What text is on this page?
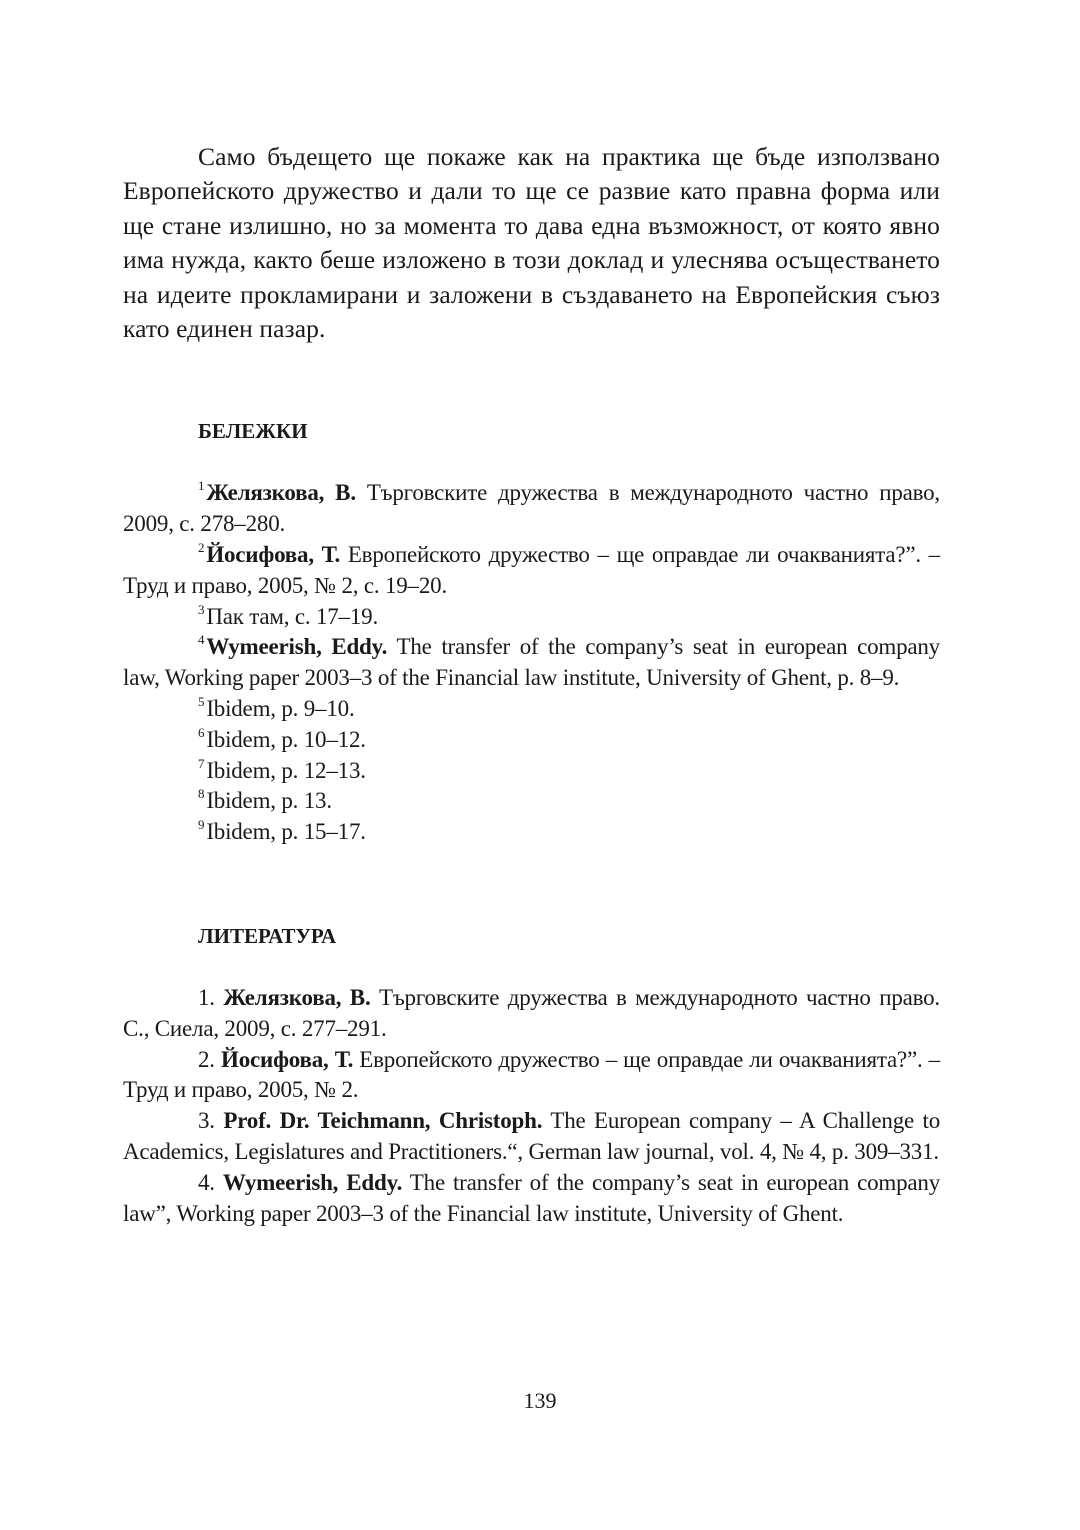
Само бъдещето ще покаже как на практика ще бъде използвано Европейското дружество и дали то ще се развие като правна форма или ще стане излишно, но за момента то дава една възможност, от която явно има нужда, както беше изложено в този доклад и улеснява осъществането на идеите прокламирани и заложени в създаването на Европейския съюз като единен пазар.

БЕЛЕЖКИ
$^1$Желязкова, В. Търговските дружества в международното частно право, 2009, с. 278–280.
$^2$Йосифова, Т. Европейското дружество – ще оправдае ли очакванията?”. – Труд и право, 2005, № 2, с. 19–20.
$^3$Пак там, с. 17–19.
$^4$Wymeerish, Eddy. The transfer of the company’s seat in european company law, Working paper 2003–3 of the Financial law institute, University of Ghent, p. 8–9.
$^5$Ibidem, p. 9–10.
$^6$Ibidem, p. 10–12.
$^7$Ibidem, p. 12–13.
$^8$Ibidem, p. 13.
$^9$Ibidem, p. 15–17.
ЛИТЕРАТУРА
1. Желязкова, В. Търговските дружества в международното частно право. С., Сиела, 2009, с. 277–291.
2. Йосифова, Т. Европейското дружество – ще оправдае ли очакванията?”. – Труд и право, 2005, № 2.
3. Prof. Dr. Teichmann, Christoph. The European company – A Challenge to Academics, Legislatures and Practitioners.“, German law journal, vol. 4, № 4, p. 309–331.
4. Wymeerish, Eddy. The transfer of the company’s seat in european company law”, Working paper 2003–3 of the Financial law institute, University of Ghent.
139
